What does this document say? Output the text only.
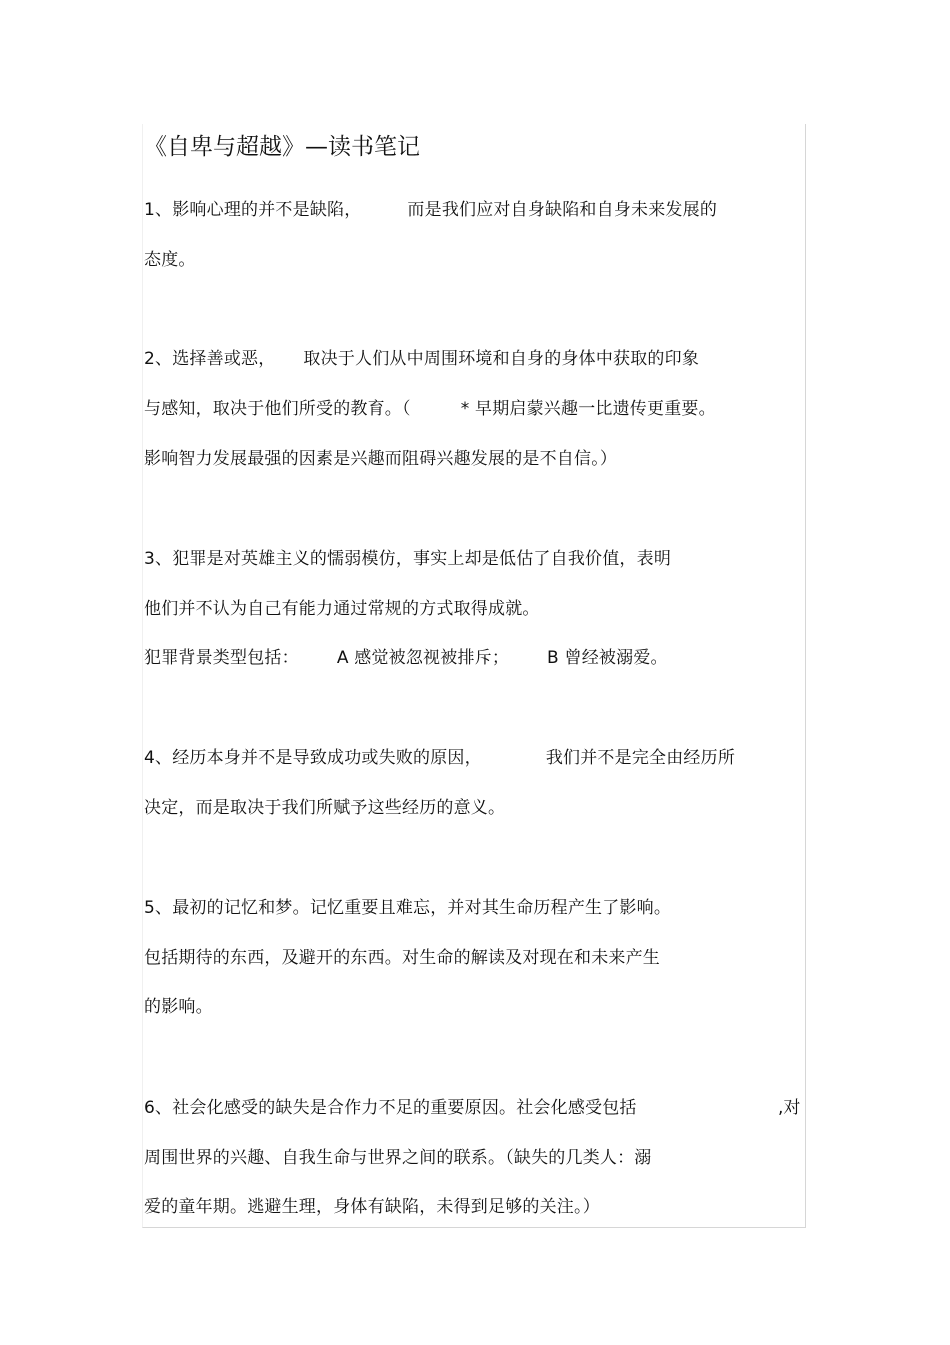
《自卑与超越》—读书笔记
1、影响心理的并不是缺陷，	而是我们应对自身缺陷和自身未来发展的
态度。
2、选择善或恶， 取决于人们从中周围环境和自身的身体中获取的印象
与感知，取决于他们所受的教育。（	* 早期启蒙兴趣一比遗传更重要。
影响智力发展最强的因素是兴趣而阻碍兴趣发展的是不自信。）
3、犯罪是对英雄主义的懦弱模仿，事实上却是低估了自我价值，表明
他们并不认为自己有能力通过常规的方式取得成就。
犯罪背景类型包括： A 感觉被忽视被排斥； B 曾经被溺爱。
4、经历本身并不是导致成功或失败的原因，	我们并不是完全由经历所
决定，而是取决于我们所赋予这些经历的意义。
5、最初的记忆和梦。记忆重要且难忘，并对其生命历程产生了影响。
包括期待的东西，及避开的东西。对生命的解读及对现在和未来产生
的影响。
6、社会化感受的缺失是合作力不足的重要原因。社会化感受包括	,对
周围世界的兴趣、自我生命与世界之间的联系。（缺失的几类人：溺
爱的童年期。逃避生理，身体有缺陷，未得到足够的关注。）
